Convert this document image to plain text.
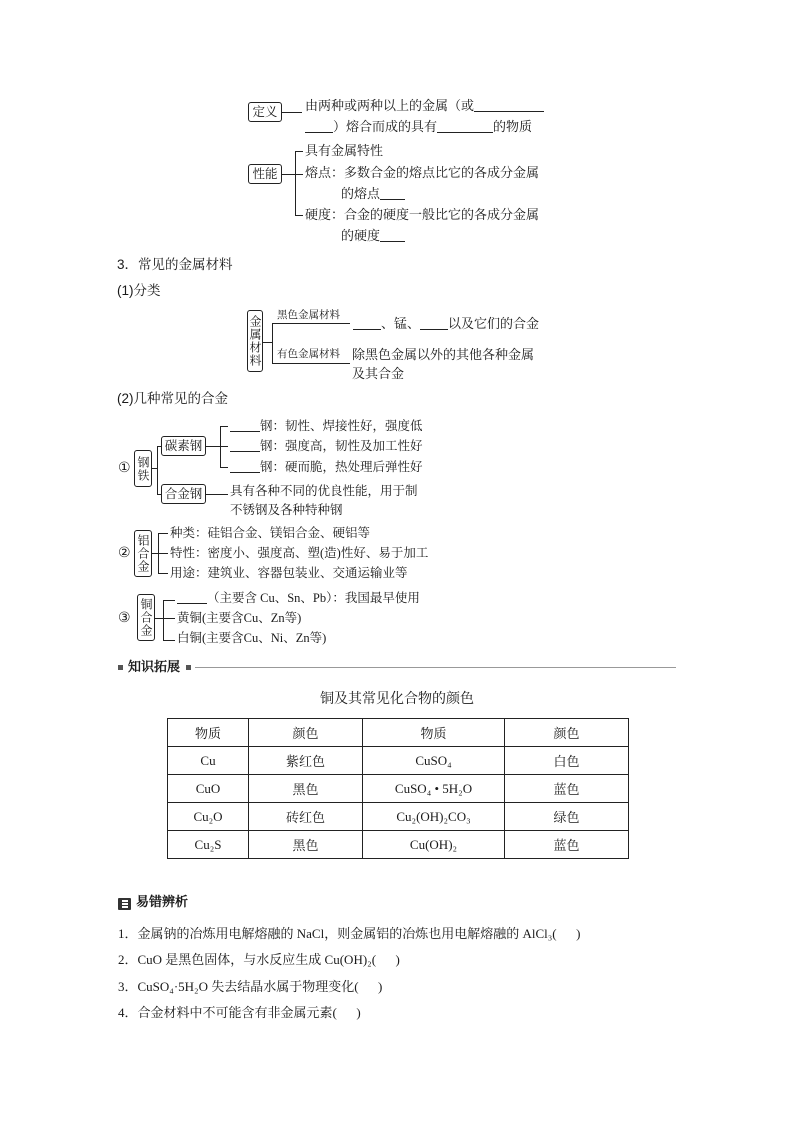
定义	由两种或两种以上的金属（或
）熔合而成的具有	的物质
性能
具有金属特性
熔点：多数合金的熔点比它的各成分金属
的熔点
硬度：合金的硬度一般比它的各成分金属
的硬度
3．常见的金属材料
(1)分类
金属材料 黑色金属材料
有色金属材料
、锰、 以及它们的合金
除黑色金属以外的其他各种金属
及其合金
(2)几种常见的合金
① 钢铁
碳素钢
合金钢
钢：韧性、焊接性好，强度低
钢：强度高，韧性及加工性好
钢：硬而脆，热处理后弹性好
具有各种不同的优良性能，用于制
不锈钢及各种特种钢
② 铝合金
种类：硅铝合金、镁铝合金、硬铝等
特性：密度小、强度高、塑(造)性好、易于加工
用途：建筑业、容器包装业、交通运输业等
③ 铜合金	（主要含 Cu、Sn、Pb）：我国最早使用
黄铜(主要含Cu、Zn等)
白铜(主要含Cu、Ni、Zn等)
知识拓展
铜及其常见化合物的颜色
物质	颜色	物质	颜色
Cu	紫红色	CuSO₄	白色
CuO	黑色	CuSO₄ • 5H₂O	蓝色
Cu₂O	砖红色	Cu₂(OH)₂CO₃	绿色
Cu₂S	黑色	Cu(OH)₂	蓝色
易错辨析
1．金属钠的冶炼用电解熔融的 NaCl，则金属铝的冶炼也用电解熔融的 AlCl₃(      )
2．CuO 是黑色固体，与水反应生成 Cu(OH)₂(      )
3．CuSO₄·5H₂O 失去结晶水属于物理变化(      )
4．合金材料中不可能含有非金属元素(      )
